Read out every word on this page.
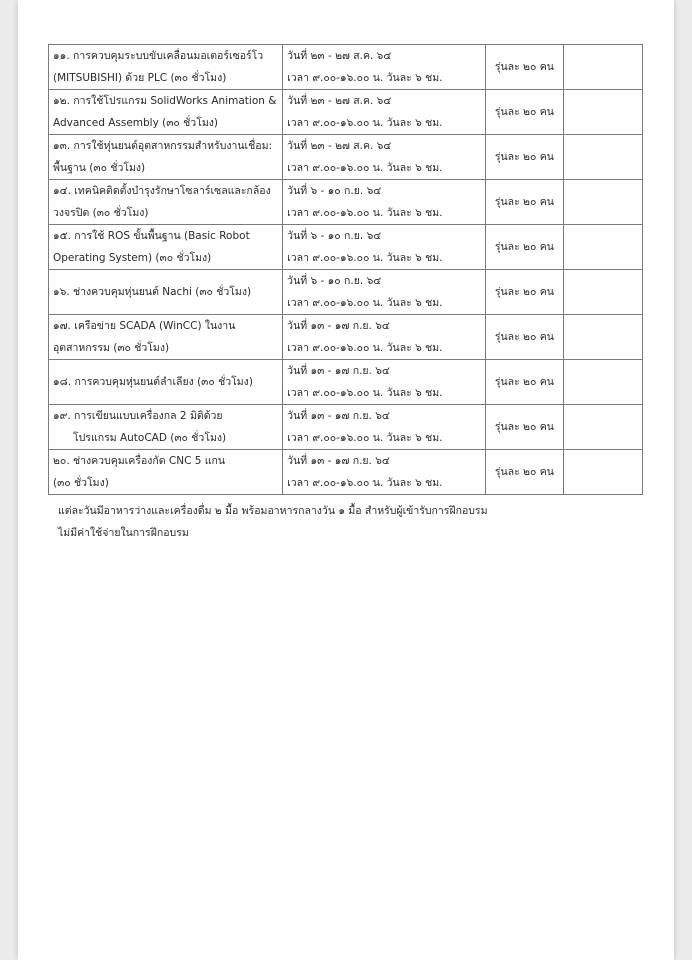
๑๑. การควบคุมระบบขับเคลื่อนมอเตอร์เซอร์โว
(MITSUBISHI) ด้วย PLC (๓๐ ชั่วโมง)	วันที่ ๒๓ - ๒๗ ส.ค. ๖๔
เวลา ๙.๐๐-๑๖.๐๐ น. วันละ ๖ ชม.	รุ่นละ ๒๐ คน	

๑๒. การใช้โปรแกรม SolidWorks Animation &
Advanced Assembly (๓๐ ชั่วโมง)	วันที่ ๒๓ - ๒๗ ส.ค. ๖๔
เวลา ๙.๐๐-๑๖.๐๐ น. วันละ ๖ ชม.	รุ่นละ ๒๐ คน	

๑๓. การใช้หุ่นยนต์อุตสาหกรรมสำหรับงานเชื่อม:
พื้นฐาน (๓๐ ชั่วโมง)	วันที่ ๒๓ - ๒๗ ส.ค. ๖๔
เวลา ๙.๐๐-๑๖.๐๐ น. วันละ ๖ ชม.	รุ่นละ ๒๐ คน	

๑๔. เทคนิคติดตั้งบำรุงรักษาโซลาร์เซลและกล้อง
วงจรปิด (๓๐ ชั่วโมง)	วันที่ ๖ - ๑๐ ก.ย. ๖๔
เวลา ๙.๐๐-๑๖.๐๐ น. วันละ ๖ ชม.	รุ่นละ ๒๐ คน	

๑๕. การใช้ ROS ขั้นพื้นฐาน (Basic Robot
Operating System) (๓๐ ชั่วโมง)	วันที่ ๖ - ๑๐ ก.ย. ๖๔
เวลา ๙.๐๐-๑๖.๐๐ น. วันละ ๖ ชม.	รุ่นละ ๒๐ คน	

๑๖. ช่างควบคุมหุ่นยนต์ Nachi (๓๐ ชั่วโมง)	วันที่ ๖ - ๑๐ ก.ย. ๖๔
เวลา ๙.๐๐-๑๖.๐๐ น. วันละ ๖ ชม.	รุ่นละ ๒๐ คน	

๑๗. เครือข่าย SCADA (WinCC) ในงาน
อุตสาหกรรม (๓๐ ชั่วโมง)	วันที่ ๑๓ - ๑๗ ก.ย. ๖๔
เวลา ๙.๐๐-๑๖.๐๐ น. วันละ ๖ ชม.	รุ่นละ ๒๐ คน	

๑๘. การควบคุมหุ่นยนต์ลำเลียง (๓๐ ชั่วโมง)	วันที่ ๑๓ - ๑๗ ก.ย. ๖๔
เวลา ๙.๐๐-๑๖.๐๐ น. วันละ ๖ ชม.	รุ่นละ ๒๐ คน	

๑๙. การเขียนแบบเครื่องกล 2 มิติด้วย
โปรแกรม AutoCAD (๓๐ ชั่วโมง)	วันที่ ๑๓ - ๑๗ ก.ย. ๖๔
เวลา ๙.๐๐-๑๖.๐๐ น. วันละ ๖ ชม.	รุ่นละ ๒๐ คน	

๒๐. ช่างควบคุมเครื่องกัด CNC 5 แกน
(๓๐ ชั่วโมง)	วันที่ ๑๓ - ๑๗ ก.ย. ๖๔
เวลา ๙.๐๐-๑๖.๐๐ น. วันละ ๖ ชม.	รุ่นละ ๒๐ คน	
แต่ละวันมีอาหารว่างและเครื่องดื่ม ๒ มื้อ พร้อมอาหารกลางวัน ๑ มื้อ สำหรับผู้เข้ารับการฝึกอบรม
ไม่มีค่าใช้จ่ายในการฝึกอบรม
